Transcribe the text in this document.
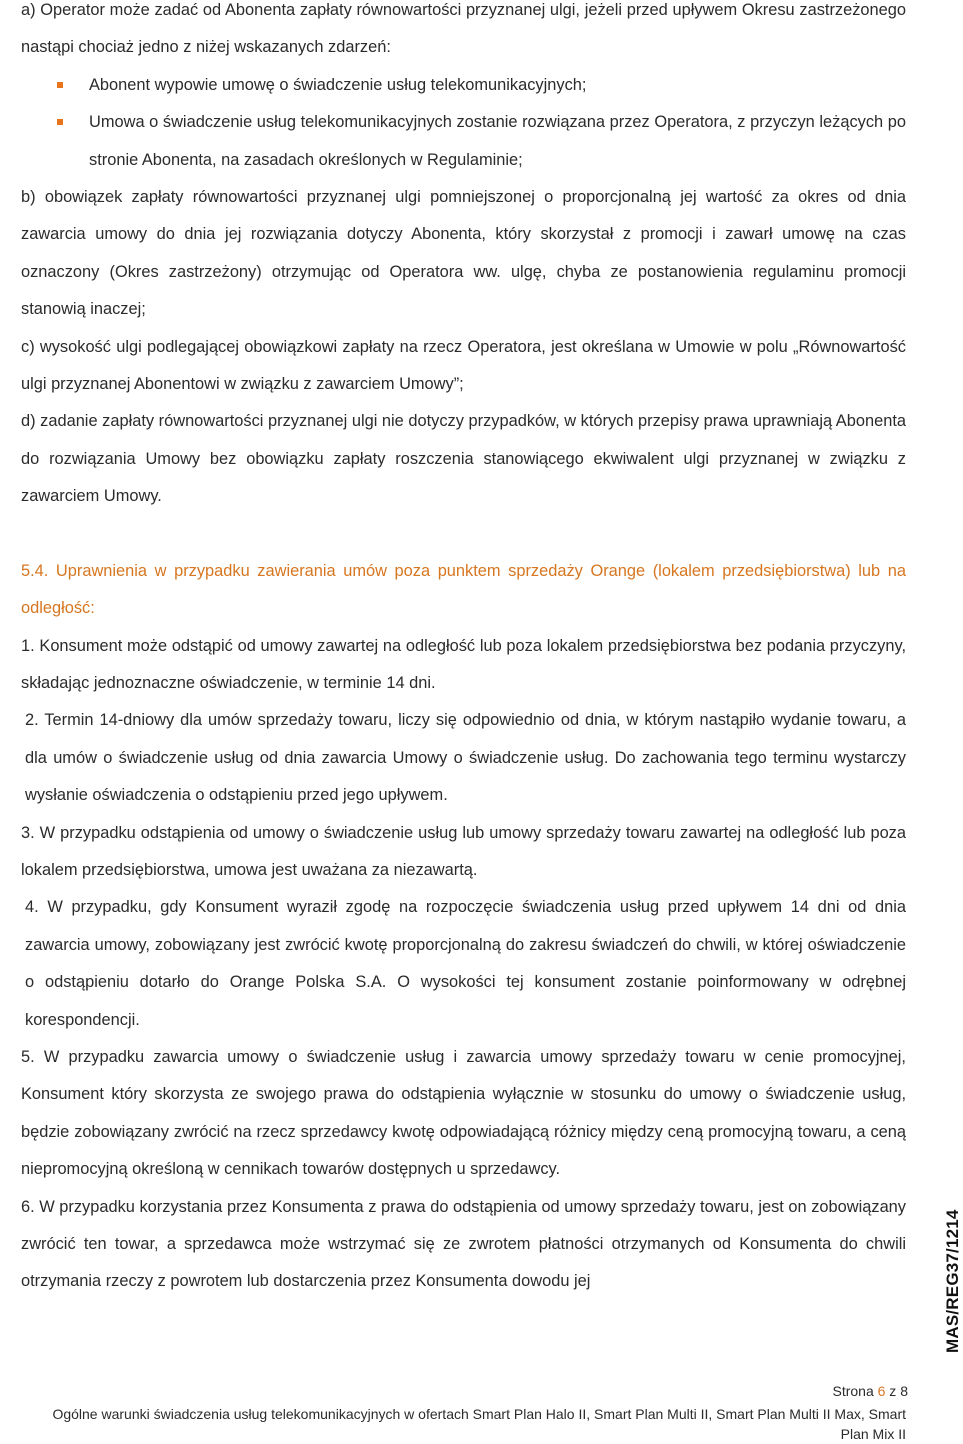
a) Operator może zadać od Abonenta zapłaty równowartości przyznanej ulgi, jeżeli przed upływem Okresu zastrzeżonego nastąpi chociaż jedno z niżej wskazanych zdarzeń:

Abonent wypowie umowę o świadczenie usług telekomunikacyjnych;
Umowa o świadczenie usług telekomunikacyjnych zostanie rozwiązana przez Operatora, z przyczyn leżących po stronie Abonenta, na zasadach określonych w Regulaminie;

b) obowiązek zapłaty równowartości przyznanej ulgi pomniejszonej o proporcjonalną jej wartość za okres od dnia zawarcia umowy do dnia jej rozwiązania dotyczy Abonenta, który skorzystał z promocji i zawarł umowę na czas oznaczony (Okres zastrzeżony) otrzymując od Operatora ww. ulgę, chyba ze postanowienia regulaminu promocji stanowią inaczej;

c) wysokość ulgi podlegającej obowiązkowi zapłaty na rzecz Operatora, jest określana w Umowie w polu „Równowartość ulgi przyznanej Abonentowi w związku z zawarciem Umowy”;

d) zadanie zapłaty równowartości przyznanej ulgi nie dotyczy przypadków, w których przepisy prawa uprawniają Abonenta do rozwiązania Umowy bez obowiązku zapłaty roszczenia stanowiącego ekwiwalent ulgi przyznanej w związku z zawarciem Umowy.

5.4. Uprawnienia w przypadku zawierania umów poza punktem sprzedaży Orange (lokalem przedsiębiorstwa) lub na odległość:

1. Konsument może odstąpić od umowy zawartej na odległość lub poza lokalem przedsiębiorstwa bez podania przyczyny, składając jednoznaczne oświadczenie, w terminie 14 dni.

2. Termin 14-dniowy dla umów sprzedaży towaru, liczy się odpowiednio od dnia, w którym nastąpiło wydanie towaru, a dla umów o świadczenie usług od dnia zawarcia Umowy o świadczenie usług. Do zachowania tego terminu wystarczy wysłanie oświadczenia o odstąpieniu przed jego upływem.

3. W przypadku odstąpienia od umowy o świadczenie usług lub umowy sprzedaży towaru zawartej na odległość lub poza lokalem przedsiębiorstwa, umowa jest uważana za niezawartą.

4. W przypadku, gdy Konsument wyraził zgodę na rozpoczęcie świadczenia usług przed upływem 14 dni od dnia zawarcia umowy, zobowiązany jest zwrócić kwotę proporcjonalną do zakresu świadczeń do chwili, w której oświadczenie o odstąpieniu dotarło do Orange Polska S.A. O wysokości tej konsument zostanie poinformowany w odrębnej korespondencji.

5. W przypadku zawarcia umowy o świadczenie usług i zawarcia umowy sprzedaży towaru w cenie promocyjnej, Konsument który skorzysta ze swojego prawa do odstąpienia wyłącznie w stosunku do umowy o świadczenie usług, będzie zobowiązany zwrócić na rzecz sprzedawcy kwotę odpowiadającą różnicy między ceną promocyjną towaru, a ceną niepromocyjną określoną w cennikach towarów dostępnych u sprzedawcy.

6. W przypadku korzystania przez Konsumenta z prawa do odstąpienia od umowy sprzedaży towaru, jest on zobowiązany zwrócić ten towar, a sprzedawca może wstrzymać się ze zwrotem płatności otrzymanych od Konsumenta do chwili otrzymania rzeczy z powrotem lub dostarczenia przez Konsumenta dowodu jej	MAS/REG37/1214
Strona 6 z 8
Ogólne warunki świadczenia usług telekomunikacyjnych w ofertach Smart Plan Halo II, Smart Plan Multi II, Smart Plan Multi II Max, Smart Plan Mix II
